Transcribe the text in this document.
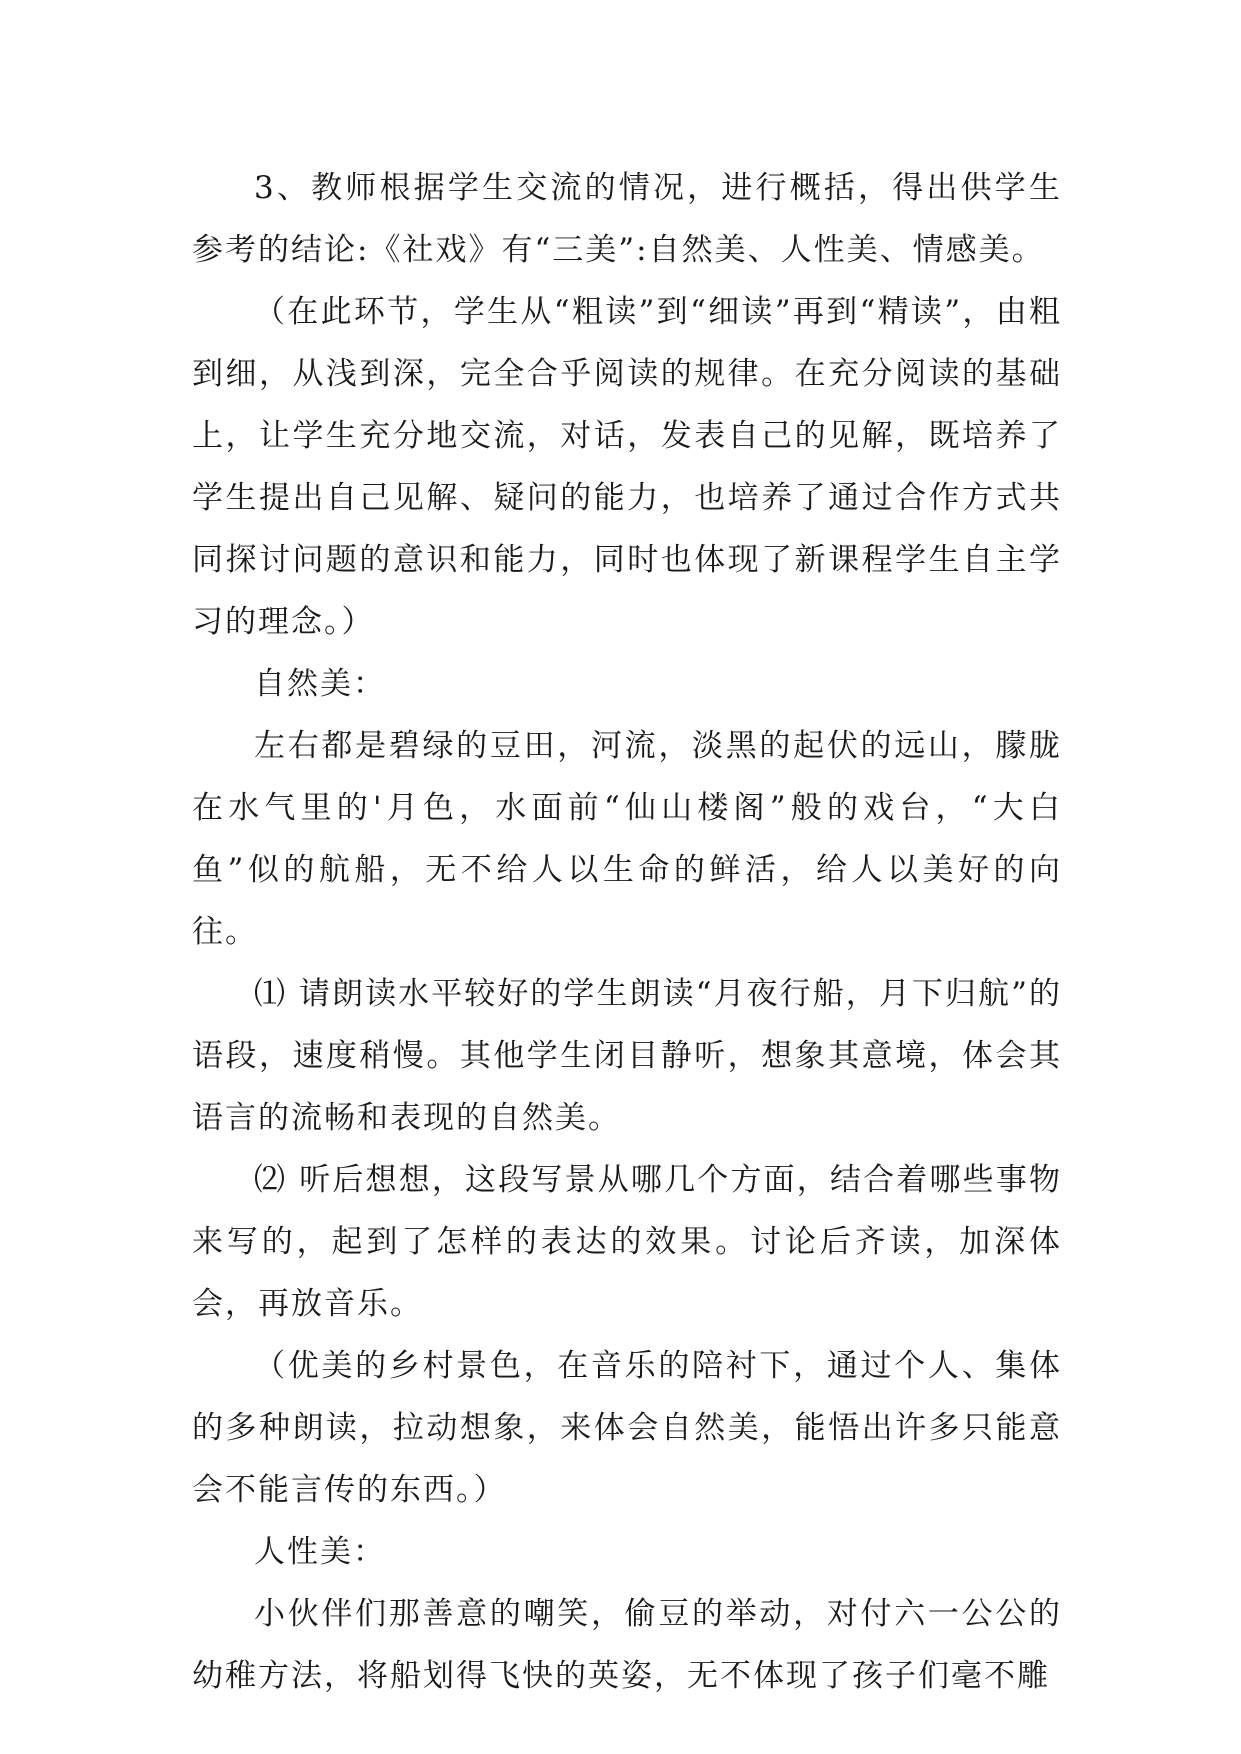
3、教师根据学生交流的情况，进行概括，得出供学生参考的结论:《社戏》有“三美”:自然美、人性美、情感美。

（在此环节，学生从“粗读”到“细读”再到“精读”，由粗到细，从浅到深，完全合乎阅读的规律。在充分阅读的基础上，让学生充分地交流，对话，发表自己的见解，既培养了学生提出自己见解、疑问的能力，也培养了通过合作方式共同探讨问题的意识和能力，同时也体现了新课程学生自主学习的理念。）

自然美：

左右都是碧绿的豆田，河流，淡黑的起伏的远山，朦胧在水气里的'月色，水面前“仙山楼阁”般的戏台，“大白鱼”似的航船，无不给人以生命的鲜活，给人以美好的向往。

⑴ 请朗读水平较好的学生朗读“月夜行船，月下归航”的语段，速度稍慢。其他学生闭目静听，想象其意境，体会其语言的流畅和表现的自然美。

⑵ 听后想想，这段写景从哪几个方面，结合着哪些事物来写的，起到了怎样的表达的效果。讨论后齐读，加深体会，再放音乐。

（优美的乡村景色，在音乐的陪衬下，通过个人、集体的多种朗读，拉动想象，来体会自然美，能悟出许多只能意会不能言传的东西。）

人性美：

小伙伴们那善意的嘲笑，偷豆的举动，对付六一公公的幼稚方法，将船划得飞快的英姿，无不体现了孩子们毫不雕
